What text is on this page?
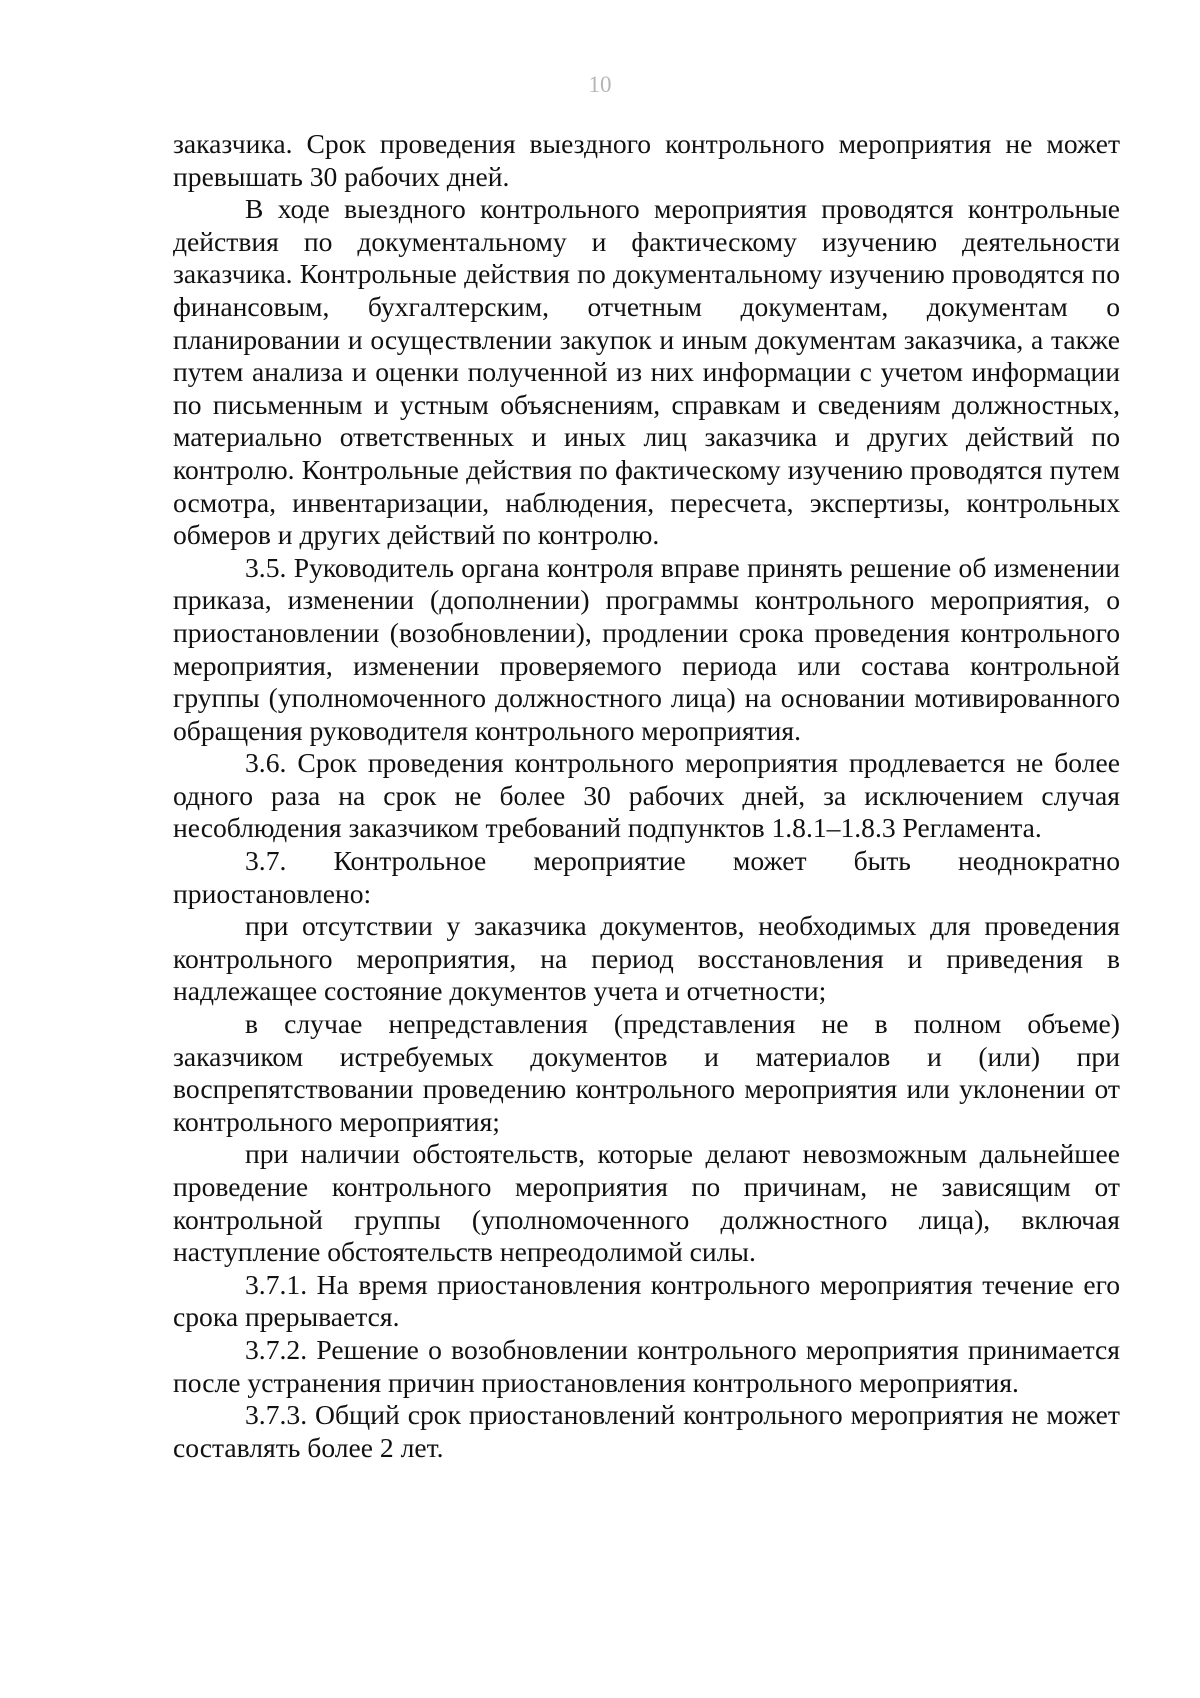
10

заказчика. Срок проведения выездного контрольного мероприятия не может превышать 30 рабочих дней.

В ходе выездного контрольного мероприятия проводятся контрольные действия по документальному и фактическому изучению деятельности заказчика. Контрольные действия по документальному изучению проводятся по финансовым, бухгалтерским, отчетным документам, документам о планировании и осуществлении закупок и иным документам заказчика, а также путем анализа и оценки полученной из них информации с учетом информации по письменным и устным объяснениям, справкам и сведениям должностных, материально ответственных и иных лиц заказчика и других действий по контролю. Контрольные действия по фактическому изучению проводятся путем осмотра, инвентаризации, наблюдения, пересчета, экспертизы, контрольных обмеров и других действий по контролю.

3.5. Руководитель органа контроля вправе принять решение об изменении приказа, изменении (дополнении) программы контрольного мероприятия, о приостановлении (возобновлении), продлении срока проведения контрольного мероприятия, изменении проверяемого периода или состава контрольной группы (уполномоченного должностного лица) на основании мотивированного обращения руководителя контрольного мероприятия.

3.6. Срок проведения контрольного мероприятия продлевается не более одного раза на срок не более 30 рабочих дней, за исключением случая несоблюдения заказчиком требований подпунктов 1.8.1–1.8.3 Регламента.

3.7. Контрольное мероприятие может быть неоднократно приостановлено:

при отсутствии у заказчика документов, необходимых для проведения контрольного мероприятия, на период восстановления и приведения в надлежащее состояние документов учета и отчетности;

в случае непредставления (представления не в полном объеме) заказчиком истребуемых документов и материалов и (или) при воспрепятствовании проведению контрольного мероприятия или уклонении от контрольного мероприятия;

при наличии обстоятельств, которые делают невозможным дальнейшее проведение контрольного мероприятия по причинам, не зависящим от контрольной группы (уполномоченного должностного лица), включая наступление обстоятельств непреодолимой силы.

3.7.1. На время приостановления контрольного мероприятия течение его срока прерывается.

3.7.2. Решение о возобновлении контрольного мероприятия принимается после устранения причин приостановления контрольного мероприятия.

3.7.3. Общий срок приостановлений контрольного мероприятия не может составлять более 2 лет.
